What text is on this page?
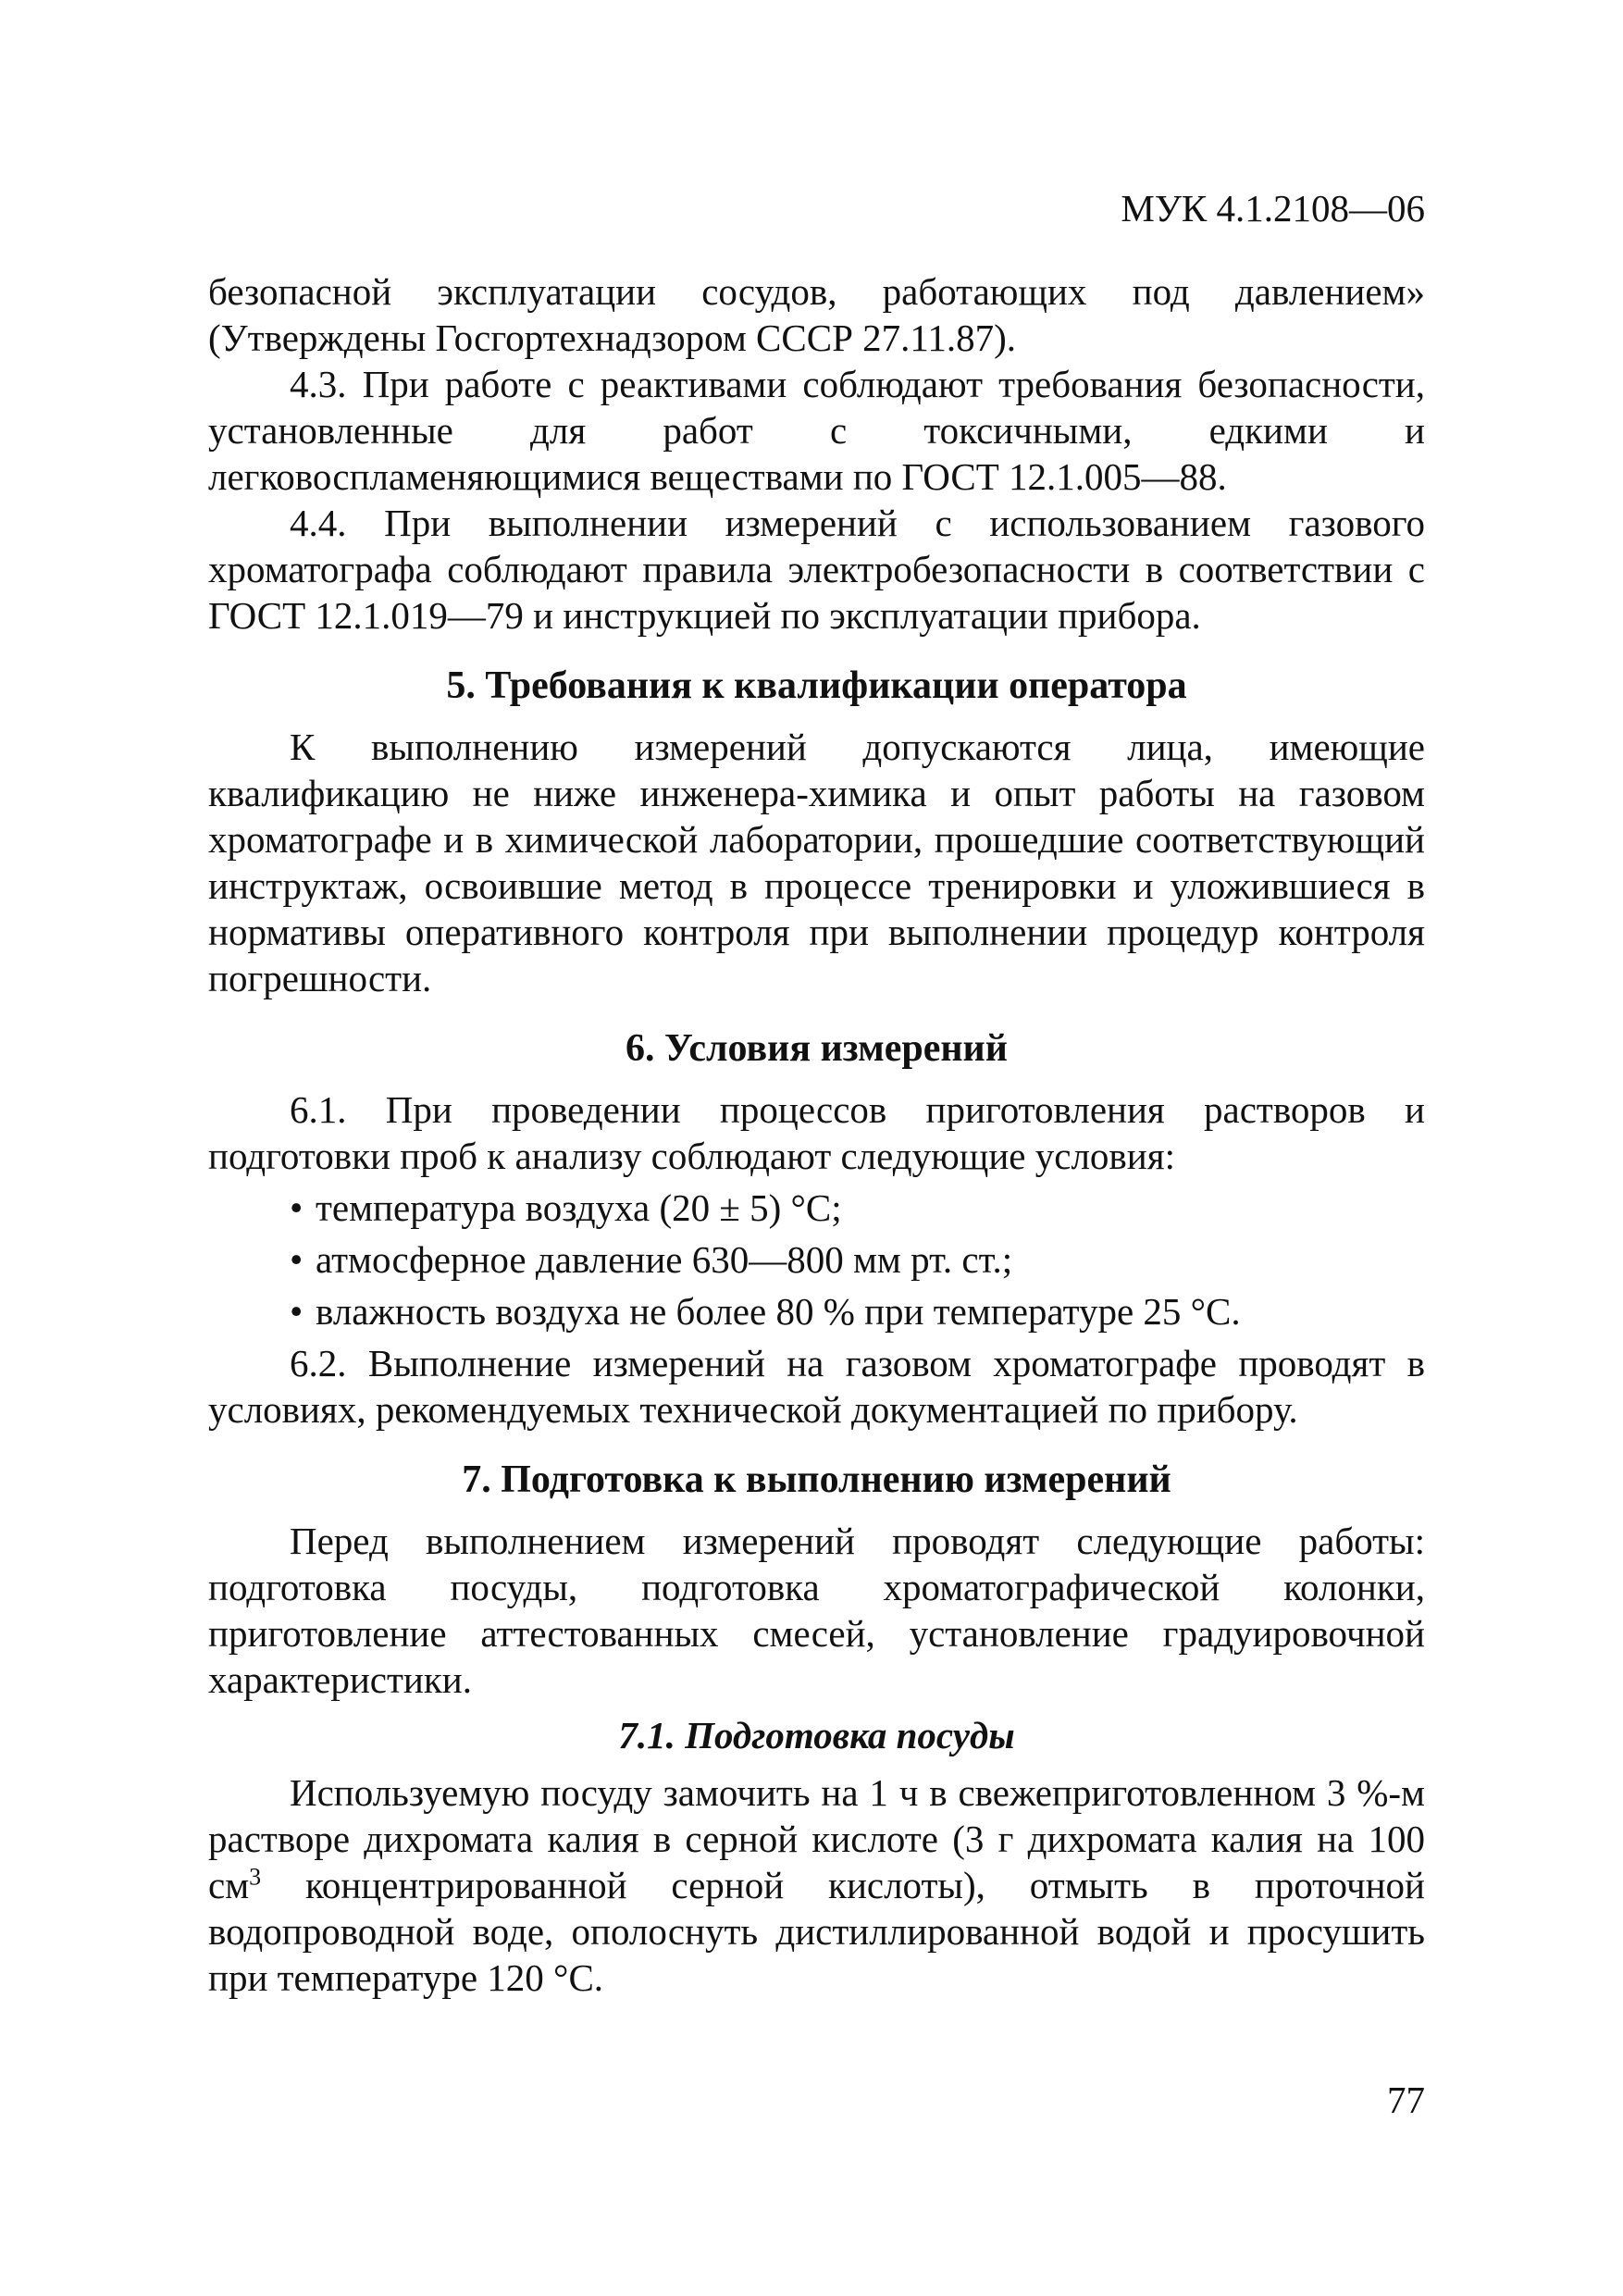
МУК 4.1.2108—06

безопасной эксплуатации сосудов, работающих под давлением» (Утверждены Госгортехнадзором СССР 27.11.87).

4.3. При работе с реактивами соблюдают требования безопасности, установленные для работ с токсичными, едкими и легковоспламеняющимися веществами по ГОСТ 12.1.005—88.

4.4. При выполнении измерений с использованием газового хроматографа соблюдают правила электробезопасности в соответствии с ГОСТ 12.1.019—79 и инструкцией по эксплуатации прибора.

5. Требования к квалификации оператора

К выполнению измерений допускаются лица, имеющие квалификацию не ниже инженера-химика и опыт работы на газовом хроматографе и в химической лаборатории, прошедшие соответствующий инструктаж, освоившие метод в процессе тренировки и уложившиеся в нормативы оперативного контроля при выполнении процедур контроля погрешности.

6. Условия измерений

6.1. При проведении процессов приготовления растворов и подготовки проб к анализу соблюдают следующие условия:

• температура воздуха (20 ± 5) °С;
• атмосферное давление 630—800 мм рт. ст.;
• влажность воздуха не более 80 % при температуре 25 °С.

6.2. Выполнение измерений на газовом хроматографе проводят в условиях, рекомендуемых технической документацией по прибору.

7. Подготовка к выполнению измерений

Перед выполнением измерений проводят следующие работы: подготовка посуды, подготовка хроматографической колонки, приготовление аттестованных смесей, установление градуировочной характеристики.

7.1. Подготовка посуды

Используемую посуду замочить на 1 ч в свежеприготовленном 3 %-м растворе дихромата калия в серной кислоте (3 г дихромата калия на 100 $см^3$ концентрированной серной кислоты), отмыть в проточной водопроводной воде, ополоснуть дистиллированной водой и просушить при температуре 120 °С.

77
